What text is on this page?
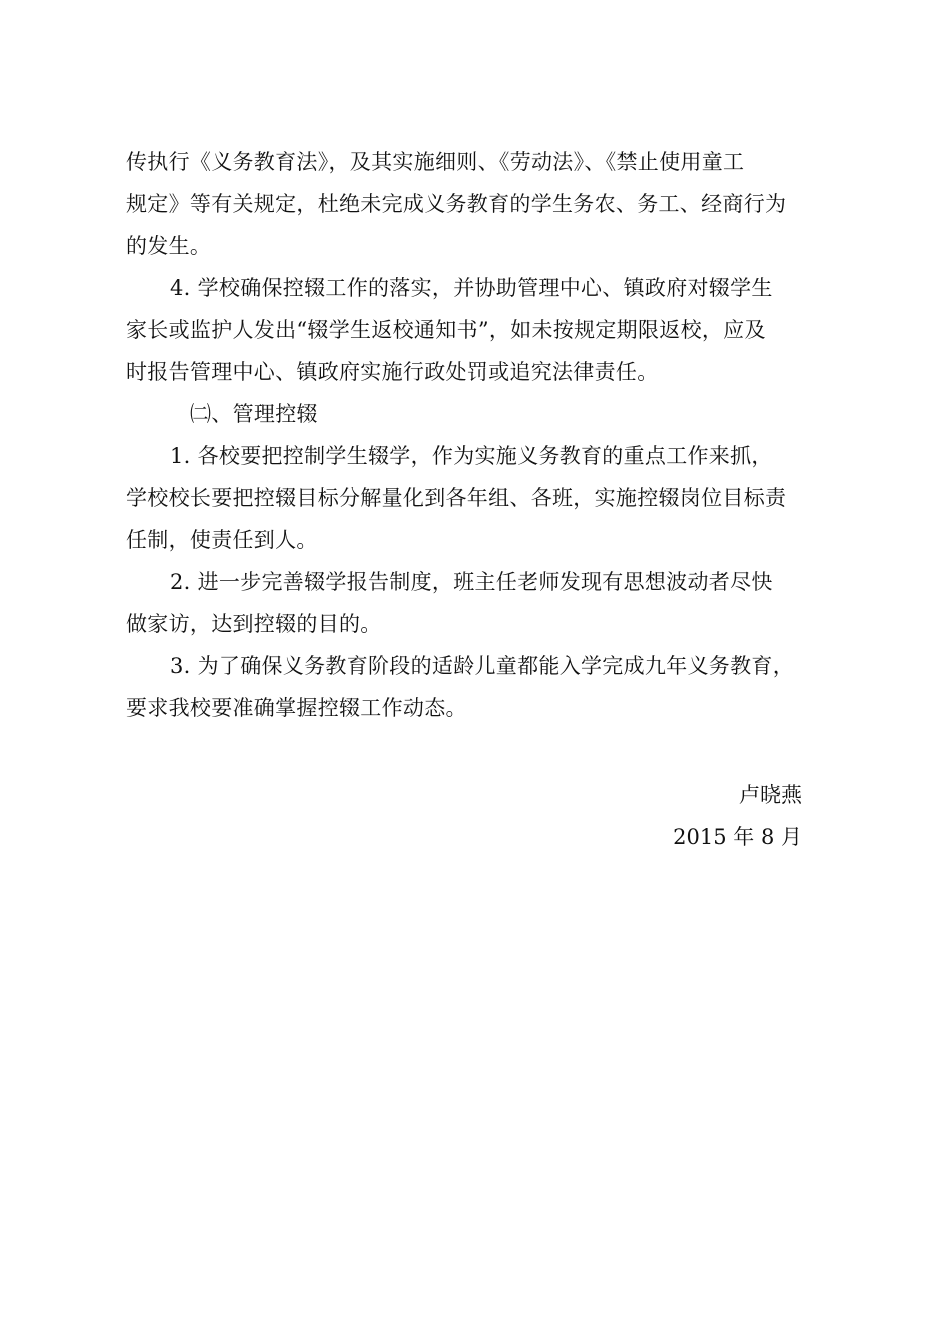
传执行《义务教育法》，及其实施细则、《劳动法》、《禁止使用童工
规定》等有关规定，杜绝未完成义务教育的学生务农、务工、经商行为
的发生。
4. 学校确保控辍工作的落实，并协助管理中心、镇政府对辍学生
家长或监护人发出“辍学生返校通知书”，如未按规定期限返校，应及
时报告管理中心、镇政府实施行政处罚或追究法律责任。
㈡、管理控辍
1. 各校要把控制学生辍学，作为实施义务教育的重点工作来抓，
学校校长要把控辍目标分解量化到各年组、各班，实施控辍岗位目标责
任制，使责任到人。
2. 进一步完善辍学报告制度，班主任老师发现有思想波动者尽快
做家访，达到控辍的目的。
3. 为了确保义务教育阶段的适龄儿童都能入学完成九年义务教育，
要求我校要准确掌握控辍工作动态。
卢晓燕
2015 年 8 月
